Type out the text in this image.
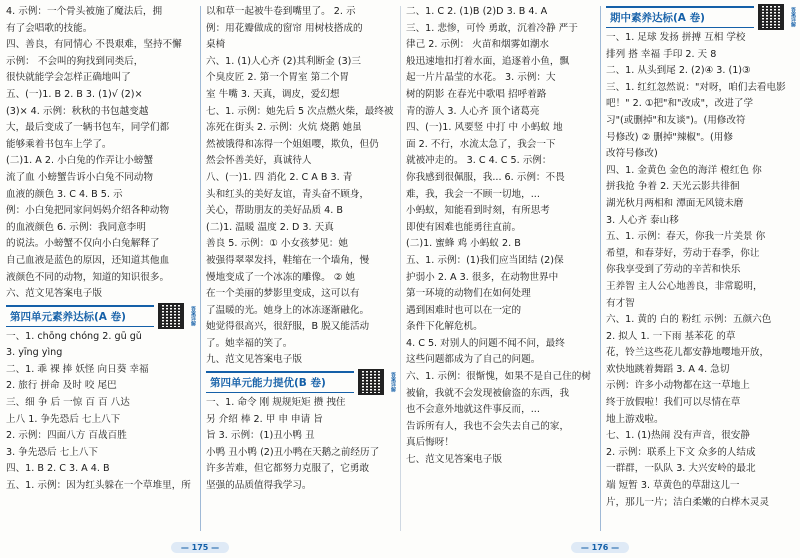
4. 示例：一个骨头被施了魔法后，拥
有了会唱歌的技能。
四、善良，有同情心 不畏艰难，坚持不懈
示例： 不会叫的狗找到同类后，
很快就能学会怎样正确地叫了
五、(一)1. B 2. B 3. (1)√ (2)×
(3)× 4. 示例：秋秋的书包越变越
大，最后变成了一辆书包车，同学们都
能够乘着书包车上学了。
(二)1. A 2. 小白兔的作弄让小螃蟹
流了血 小螃蟹告诉小白兔不同动物
血液的颜色 3. C 4. B 5. 示
例：小白兔把同家问妈妈介绍各种动物
的血液颜色 6. 示例：我同意李明
的说法。小螃蟹不仅向小白兔解释了
自己血液是蓝色的原因，还知道其他血
液颜色不同的动物，知道的知识很多。
六、范文见答案电子版
第四单元素养达标(A 卷)	答案详解
一、1. chōng chóng 2. gū gǔ
3. yīng yìng
二、1. 乖 裸 捧 妖怪 向日葵 幸福
2. 旅行 拼命 及时 咬 尾巴
三、细 争 后 一惊 百 百 八达
上八 1. 争先恐后 七上八下
2. 示例：四面八方 百战百胜
3. 争先恐后 七上八下
四、1. B 2. C 3. A 4. B
五、1. 示例：因为红头躲在一个草堆里，所
以和草一起被牛卷到嘴里了。 2. 示
例：用花瓣做成的窗帘 用树枝搭成的
桌椅
六、1. (1)人心齐 (2)其利断金 (3)三
个臭皮匠 2. 第一个胃室 第二个胃
室 牛嘴 3. 天真，调皮，爱幻想
七、1. 示例：她先后 5 次点燃火柴，最终被
冻死在街头 2. 示例：火炕 烧鹅 她虽
然被饿得和冻得一个姐姐嘤，欺负，但仍
然会怀善美好，真诚待人
八、(一)1. 四 消化 2. C A B 3. 青
头和红头的美好友谊，青头奋不顾身，
关心，帮助朋友的美好品质 4. B
(二)1. 温暖 温度 2. D 3. 天真
善良 5. 示例：① 小女孩梦见：她
被强得翠翠发抖，鞋缩在一个墙角，慢
慢地变成了一个冰冻的雕像。 ② 她
在一个美丽的梦影里变成，这可以有
了温暖的光。她身上的冰冻逐渐融化。
她觉得很高兴，很舒服，B 脱又能活动
了。她幸福的笑了。
九、范文见答案电子版
第四单元能力提优(B 卷)	答案详解
一、1. 命令 刚 规规矩矩 攒 拽住
另 介绍 棒 2. 甲 申 申请 旨
旨 3. 示例：(1)丑小鸭 丑
小鸭 丑小鸭 (2)丑小鸭在天鹅之前经历了
许多苦难，但它都努力克服了，它勇敢
坚强的品质值得我学习。
— 175 —
二、1. C 2. (1)B (2)D 3. B 4. A
三、1. 悲惨，可怜 勇敢，沉着冷静 严于
律己 2. 示例： 火苗和烟雾如潮水
般迅速地扣打着水面，追逐着小鱼，飘
起一片片晶莹的水花。 3. 示例：大
树的阴影 在春光中歌唱 招呼着路
青的游人 3. 人心齐 顶个诸葛亮
四、(一)1. 风要竖 中打 中 小蚂蚁 地
面 2. 不行，水流太急了，我会一下
就被冲走的。 3. C 4. C 5. 示例：
你我感到很佩服，我... 6. 示例：不畏
难，我，我会一不顾一切地，...
小蚂蚁，知能看到时刻，有所思考
即使有困难也能勇往直前。
(二)1. 蜜蜂 鸡 小蚂蚁 2. B
五、1. 示例：(1)我们应当团结 (2)保
护弱小 2. A 3. 很多，在动物世界中
第一环境的动物们在如何处理
遇到困难时也可以在一定的
条件下化解危机。
4. C 5. 对别人的问题不闻不问，最终
这些问题都成为了自己的问题。
六、1. 示例：很惭愧，如果不是自己住的树
被偷，我就不会发现被偷盗的东西，我
也不会意外地就这件事反而，...
告诉所有人，我也不会失去自己的家，
真后悔呀！
七、范文见答案电子版
期中素养达标(A 卷)	答案详解
一、1. 足球 发扬 拼搏 互相 学校
排列 搭 幸福 手印 2. 天 8
二、1. 从头到尾 2. (2)④ 3. (1)③
三、1. 红红忽然说："对呀，咱们去看电影
吧！" 2. ①把"和"改成"，改进了学
习"(或删掉"和友谈")。(用修改符
号修改) ② 删掉"辣椒"。(用修
改符号修改)
四、1. 金黄色 金色的海洋 橙红色 你
拼我抢 争着 2. 天光云影共徘徊
湖光秋月两相和 潭面无风镜未磨
3. 人心齐 泰山移
五、1. 示例：春天，你我一片美景 你
希望，和春芽好，劳动于春季，你让
你我享受到了劳动的辛苦和快乐
王养智 主人公心地善良，非常聪明，
有才智
六、1. 黄的 白的 粉红 示例：五颜六色
2. 拟人 1. 一下雨 基苯花 的草
花，铃兰这些花儿都安静地嘤地开放，
欢快地跳着舞蹈 3. A 4. 急切
示例：许多小动物都在这一草地上
终于放假啦！我们可以尽情在草
地上游戏啦。
七、1. (1)热闹 没有声音，很安静
2. 示例：联系上下文 众多的人结成
一群群，一队队 3. 大兴安岭的最北
端 短暂 3. 草黄色的草甜这儿一
片，那儿一片；洁白柔嫩的白桦木灵灵
— 176 —
